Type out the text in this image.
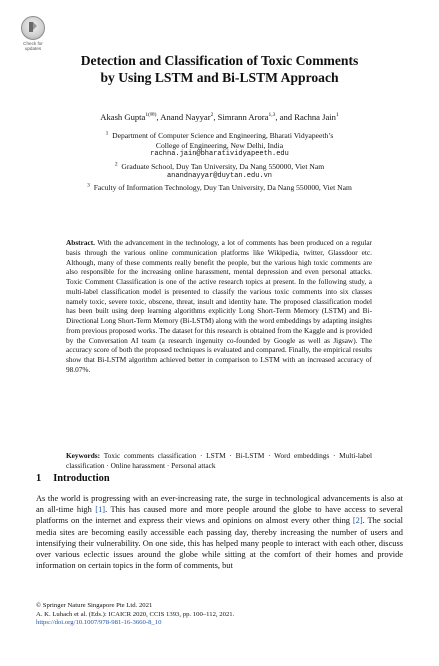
Check for
updates
Detection and Classification of Toxic Comments
by Using LSTM and Bi-LSTM Approach
Akash Gupta$^{1(✉)}$, Anand Nayyar$^2$, Simrann Arora$^{1,3}$, and Rachna Jain$^1$
$^1$ Department of Computer Science and Engineering, Bharati Vidyapeeth’s
College of Engineering, New Delhi, India
rachna.jain@bharatividyapeeth.edu
$^2$ Graduate School, Duy Tan University, Da Nang 550000, Viet Nam
anandnayyar@duytan.edu.vn
$^3$ Faculty of Information Technology, Duy Tan University, Da Nang 550000, Viet Nam
Abstract. With the advancement in the technology, a lot of comments has been produced on a regular basis through the various online communication platforms like Wikipedia, twitter, Glassdoor etc. Although, many of these comments really benefit the people, but the various high toxic comments are also responsible for the increasing online harassment, mental depression and even personal attacks. Toxic Comment Classification is one of the active research topics at present. In the following study, a multi-label classification model is presented to classify the various toxic comments into six classes namely toxic, severe toxic, obscene, threat, insult and identity hate. The proposed classification model has been built using deep learning algorithms explicitly Long Short-Term Memory (LSTM) and Bi-Directional Long Short-Term Memory (Bi-LSTM) along with the word embeddings by adapting insights from previous proposed works. The dataset for this research is obtained from the Kaggle and is provided by the Conversation AI team (a research ingenuity co-founded by Google as well as Jigsaw). The accuracy score of both the proposed techniques is evaluated and compared. Finally, the empirical results show that Bi-LSTM algorithm achieved better in comparison to LSTM with an increased accuracy of 98.07%.
Keywords: Toxic comments classification · LSTM · Bi-LSTM · Word embeddings · Multi-label classification · Online harassment · Personal attack
1 Introduction
As the world is progressing with an ever-increasing rate, the surge in technological advancements is also at an all-time high [1]. This has caused more and more people around the globe to have access to several platforms on the internet and express their views and opinions on almost every other thing [2]. The social media sites are becoming easily accessible each passing day, thereby increasing the number of users and intensifying their vulnerability. On one side, this has helped many people to interact with each other, discuss over various eclectic issues around the globe while sitting at the comfort of their homes and provide information on certain topics in the form of comments, but
© Springer Nature Singapore Pte Ltd. 2021
A. K. Luhach et al. (Eds.): ICAICR 2020, CCIS 1393, pp. 100–112, 2021.
https://doi.org/10.1007/978-981-16-3660-8_10
